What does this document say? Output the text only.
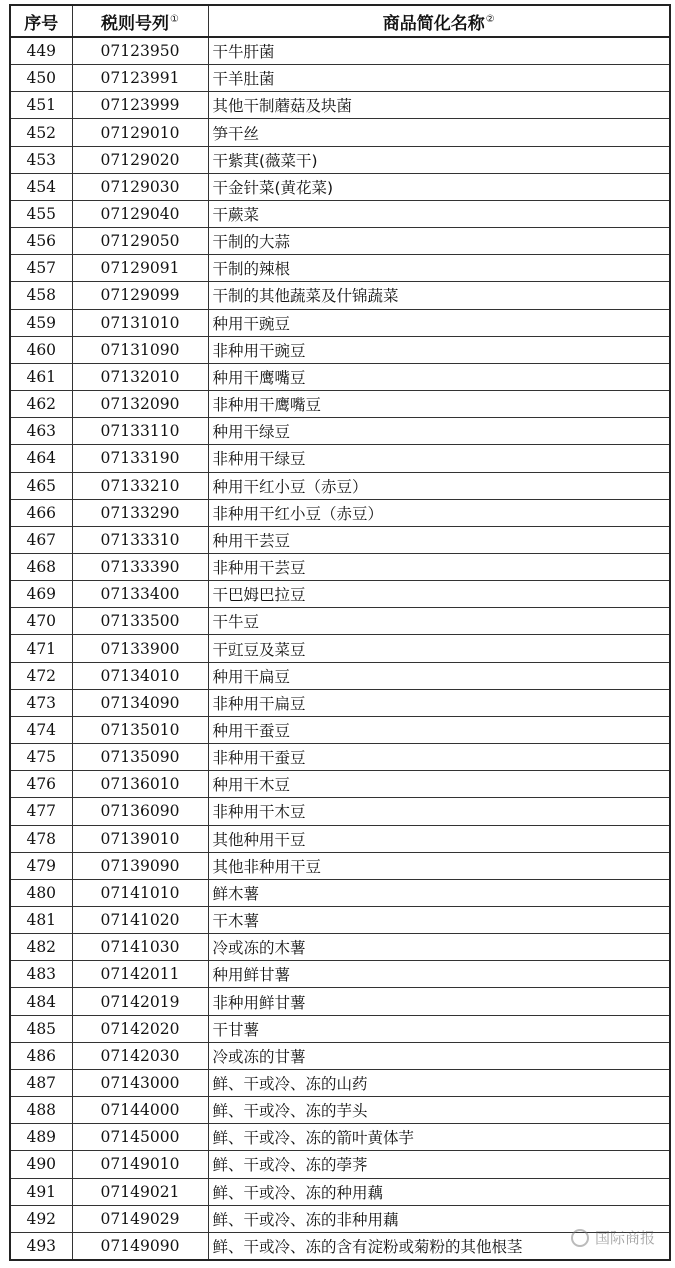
序号	税则号列①	商品简化名称②
449	07123950	干牛肝菌
450	07123991	干羊肚菌
451	07123999	其他干制蘑菇及块菌
452	07129010	笋干丝
453	07129020	干紫萁(薇菜干)
454	07129030	干金针菜(黄花菜)
455	07129040	干蕨菜
456	07129050	干制的大蒜
457	07129091	干制的辣根
458	07129099	干制的其他蔬菜及什锦蔬菜
459	07131010	种用干豌豆
460	07131090	非种用干豌豆
461	07132010	种用干鹰嘴豆
462	07132090	非种用干鹰嘴豆
463	07133110	种用干绿豆
464	07133190	非种用干绿豆
465	07133210	种用干红小豆（赤豆）
466	07133290	非种用干红小豆（赤豆）
467	07133310	种用干芸豆
468	07133390	非种用干芸豆
469	07133400	干巴姆巴拉豆
470	07133500	干牛豆
471	07133900	干豇豆及菜豆
472	07134010	种用干扁豆
473	07134090	非种用干扁豆
474	07135010	种用干蚕豆
475	07135090	非种用干蚕豆
476	07136010	种用干木豆
477	07136090	非种用干木豆
478	07139010	其他种用干豆
479	07139090	其他非种用干豆
480	07141010	鲜木薯
481	07141020	干木薯
482	07141030	冷或冻的木薯
483	07142011	种用鲜甘薯
484	07142019	非种用鲜甘薯
485	07142020	干甘薯
486	07142030	冷或冻的甘薯
487	07143000	鲜、干或冷、冻的山药
488	07144000	鲜、干或冷、冻的芋头
489	07145000	鲜、干或冷、冻的箭叶黄体芋
490	07149010	鲜、干或冷、冻的荸荠
491	07149021	鲜、干或冷、冻的种用藕
492	07149029	鲜、干或冷、冻的非种用藕
493	07149090	鲜、干或冷、冻的含有淀粉或菊粉的其他根茎	国际商报
